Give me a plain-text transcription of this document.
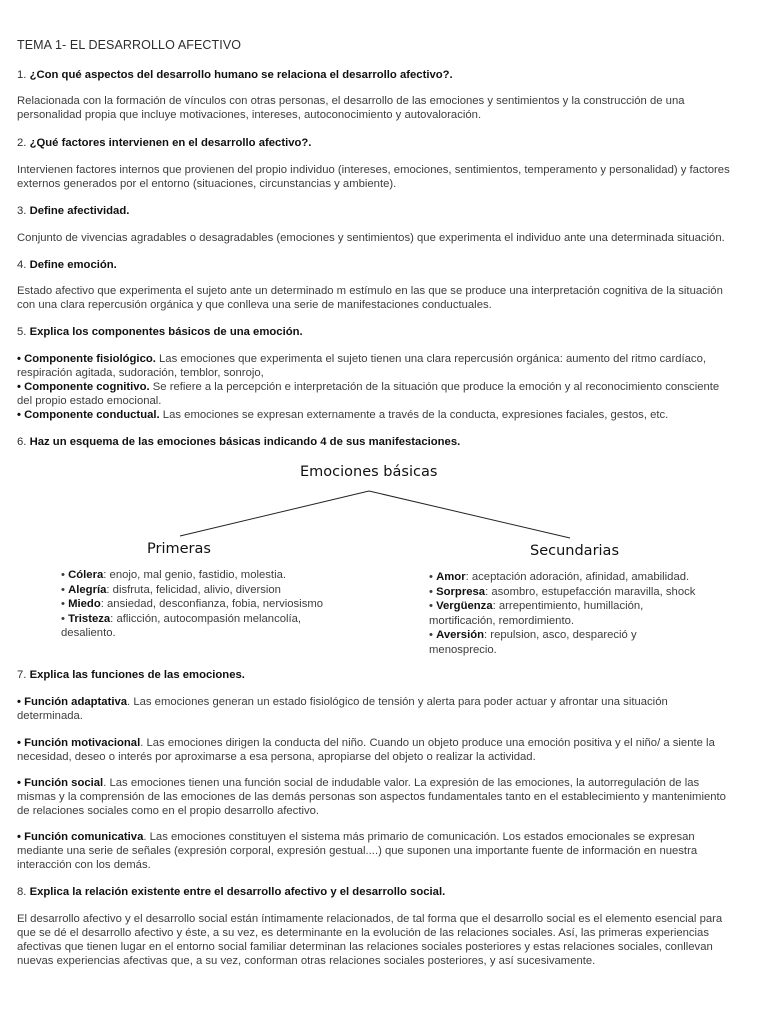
TEMA 1- EL DESARROLLO AFECTIVO
1. ¿Con qué aspectos del desarrollo humano se relaciona el desarrollo afectivo?.
Relacionada con la formación de vínculos con otras personas, el desarrollo de las emociones y sentimientos y la construcción de una
personalidad propia que incluye motivaciones, intereses, autoconocimiento y autovaloración.
2. ¿Qué factores intervienen en el desarrollo afectivo?.
Intervienen factores internos que provienen del propio individuo (intereses, emociones, sentimientos, temperamento y personalidad) y factores
externos generados por el entorno (situaciones, circunstancias y ambiente).
3. Define afectividad.
Conjunto de vivencias agradables o desagradables (emociones y sentimientos) que experimenta el individuo ante una determinada situación.
4. Define emoción.
Estado afectivo que experimenta el sujeto ante un determinado m estímulo en las que se produce una interpretación cognitiva de la situación
con una clara repercusión orgánica y que conlleva una serie de manifestaciones conductuales.
5. Explica los componentes básicos de una emoción.
• Componente fisiológico. Las emociones que experimenta el sujeto tienen una clara repercusión orgánica: aumento del ritmo cardíaco,
respiración agitada, sudoración, temblor, sonrojo,
• Componente cognitivo. Se refiere a la percepción e interpretación de la situación que produce la emoción y al reconocimiento consciente
del propio estado emocional.
• Componente conductual. Las emociones se expresan externamente a través de la conducta, expresiones faciales, gestos, etc.
6. Haz un esquema de las emociones básicas indicando 4 de sus manifestaciones.
Emociones básicas
Primeras	Secundarias
• Cólera: enojo, mal genio, fastidio, molestia.
• Alegría: disfruta, felicidad, alivio, diversion
• Miedo: ansiedad, desconfianza, fobia, nerviosismo
• Tristeza: aflicción, autocompasión melancolía,
desaliento.
• Amor: aceptación adoración, afinidad, amabilidad.
• Sorpresa: asombro, estupefacción maravilla, shock
• Vergüenza: arrepentimiento, humillación,
mortificación, remordimiento.
• Aversión: repulsion, asco, despareció y
menosprecio.
7. Explica las funciones de las emociones.
• Función adaptativa. Las emociones generan un estado fisiológico de tensión y alerta para poder actuar y afrontar una situación
determinada.
• Función motivacional. Las emociones dirigen la conducta del niño. Cuando un objeto produce una emoción positiva y el niño/ a siente la
necesidad, deseo o interés por aproximarse a esa persona, apropiarse del objeto o realizar la actividad.
• Función social. Las emociones tienen una función social de indudable valor. La expresión de las emociones, la autorregulación de las
mismas y la comprensión de las emociones de las demás personas son aspectos fundamentales tanto en el establecimiento y mantenimiento
de relaciones sociales como en el propio desarrollo afectivo.
• Función comunicativa. Las emociones constituyen el sistema más primario de comunicación. Los estados emocionales se expresan
mediante una serie de señales (expresión corporal, expresión gestual....) que suponen una importante fuente de información en nuestra
interacción con los demás.
8. Explica la relación existente entre el desarrollo afectivo y el desarrollo social.
El desarrollo afectivo y el desarrollo social están íntimamente relacionados, de tal forma que el desarrollo social es el elemento esencial para
que se dé el desarrollo afectivo y éste, a su vez, es determinante en la evolución de las relaciones sociales. Así, las primeras experiencias
afectivas que tienen lugar en el entorno social familiar determinan las relaciones sociales posteriores y estas relaciones sociales, conllevan
nuevas experiencias afectivas que, a su vez, conforman otras relaciones sociales posteriores, y así sucesivamente.
